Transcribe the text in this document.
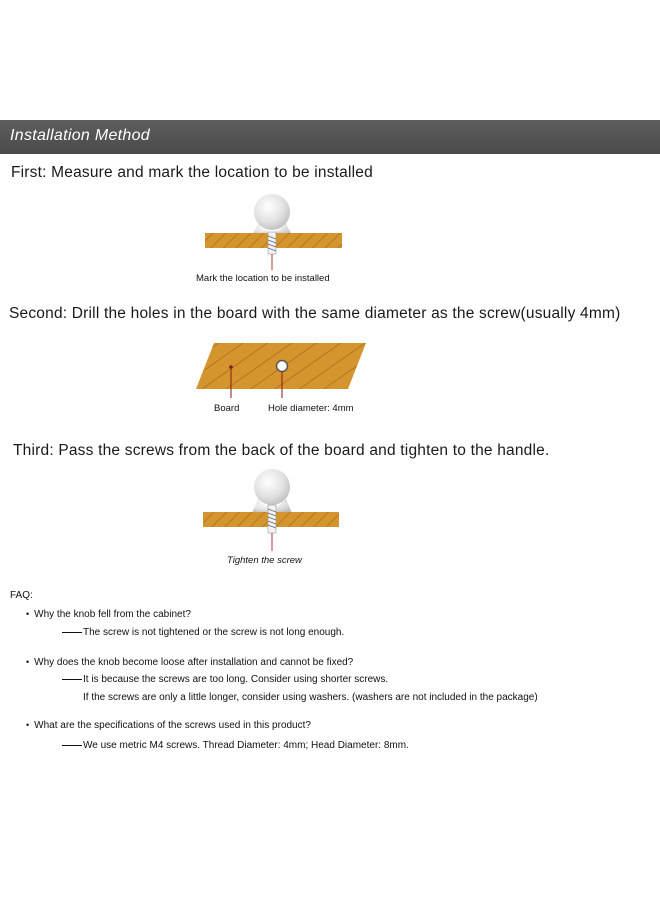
Installation Method
First: Measure and mark the location to be installed
Mark the location to be installed
Second: Drill the holes in the board with the same diameter as the screw(usually 4mm)
Board	Hole diameter: 4mm
Third: Pass the screws from the back of the board and tighten to the handle.
Tighten the screw
FAQ:
• Why the knob fell from the cabinet?
The screw is not tightened or the screw is not long enough.
• Why does the knob become loose after installation and cannot be fixed?
It is because the screws are too long. Consider using shorter screws.
If the screws are only a little longer, consider using washers. (washers are not included in the package)
• What are the specifications of the screws used in this product?
We use metric M4 screws. Thread Diameter: 4mm; Head Diameter: 8mm.
